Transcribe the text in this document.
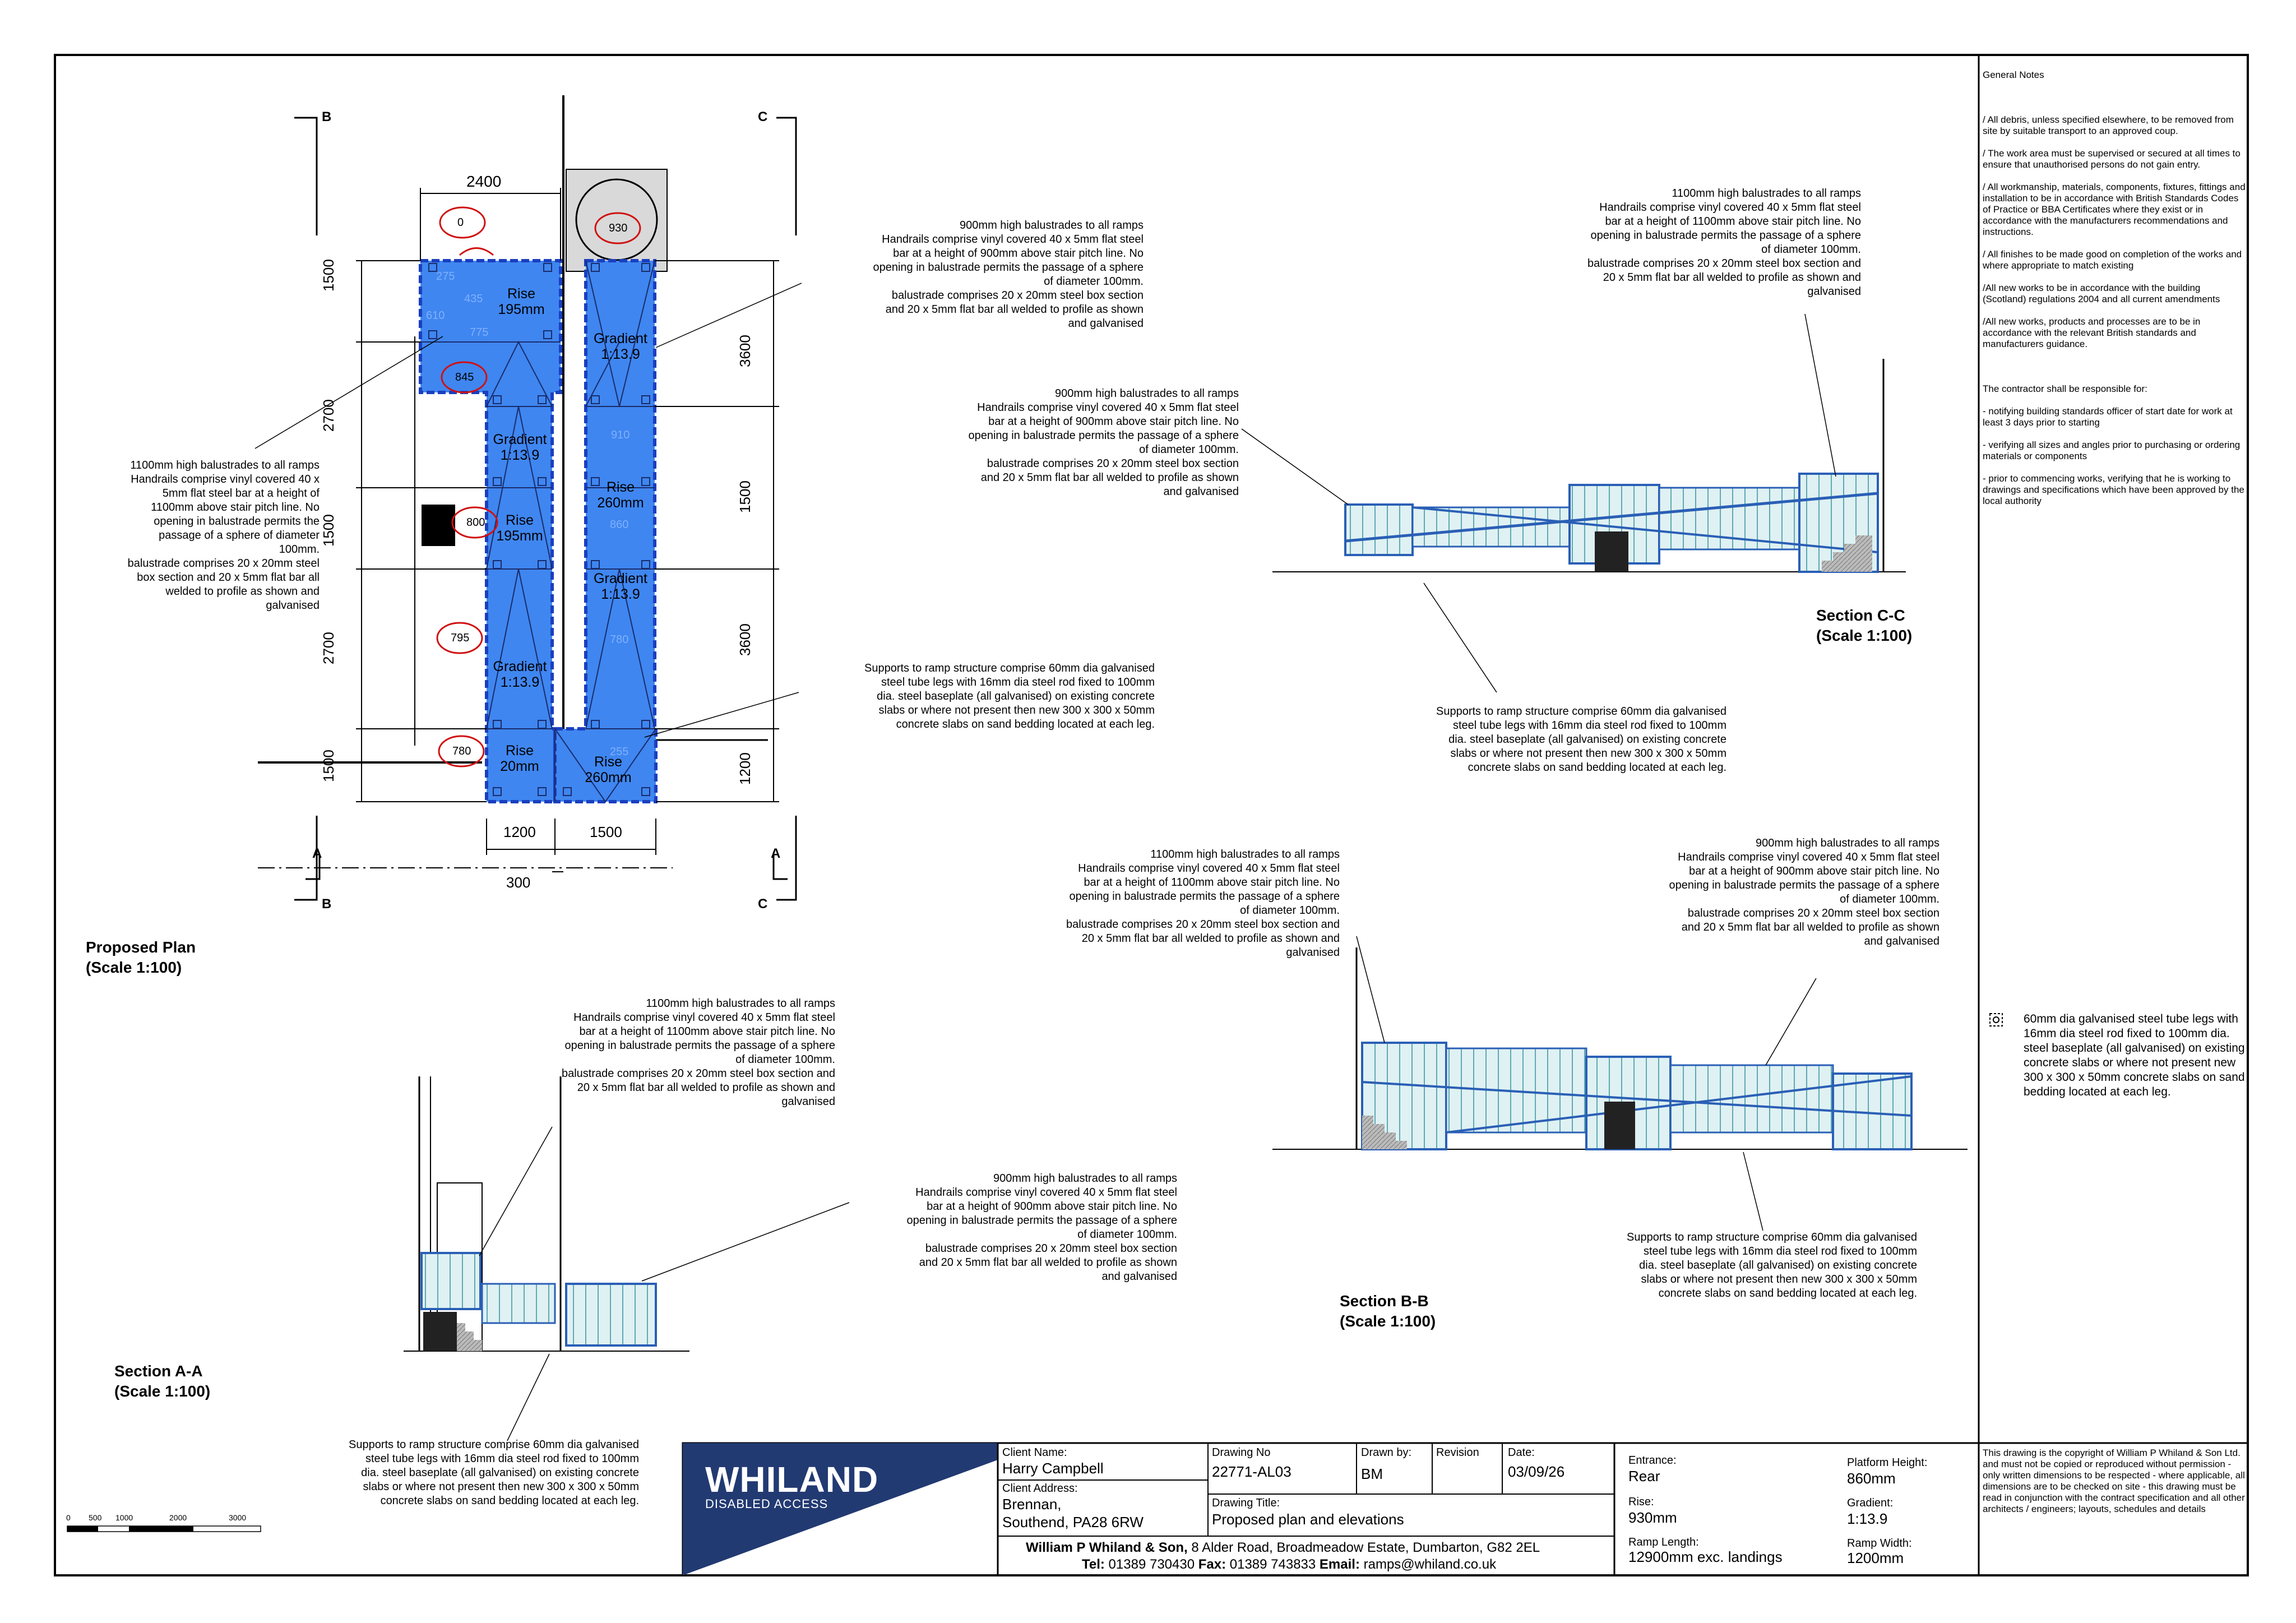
2400
1500
2700
1500
2700
1500
3600
1500
3600
1200
1200	1500
300
B
B
C
C
A	A
0	930
845
800
795
780
275
435
610
775
910
860
780
255
Rise
195mm
Gradient
1:13.9
Gradient
1:13.9
Rise
195mm
Gradient
1:13.9
Rise
20mm
Rise
260mm
Gradient
1:13.9
Rise
260mm
Proposed Plan
(Scale 1:100)
Section C-C
(Scale 1:100)
Section B-B
(Scale 1:100)
Section A-A
(Scale 1:100)
900mm high balustrades to all ramps
Handrails comprise vinyl covered 40 x 5mm flat steel
bar at a height of 900mm above stair pitch line. No
opening in balustrade permits the passage of a sphere
of diameter 100mm.
balustrade comprises 20 x 20mm steel box section
and 20 x 5mm flat bar all welded to profile as shown
and galvanised
1100mm high balustrades to all ramps
Handrails comprise vinyl covered 40 x
5mm flat steel bar at a height of
1100mm above stair pitch line. No
opening in balustrade permits the
passage of a sphere of diameter
100mm.
balustrade comprises 20 x 20mm steel
box section and 20 x 5mm flat bar all
welded to profile as shown and
galvanised
Supports to ramp structure comprise 60mm dia galvanised
steel tube legs with 16mm dia steel rod fixed to 100mm
dia. steel baseplate (all galvanised) on existing concrete
slabs or where not present then new 300 x 300 x 50mm
concrete slabs on sand bedding located at each leg.
1100mm high balustrades to all ramps
Handrails comprise vinyl covered 40 x 5mm flat steel
bar at a height of 1100mm above stair pitch line. No
opening in balustrade permits the passage of a sphere
of diameter 100mm.
balustrade comprises 20 x 20mm steel box section and
20 x 5mm flat bar all welded to profile as shown and
galvanised
900mm high balustrades to all ramps
Handrails comprise vinyl covered 40 x 5mm flat steel
bar at a height of 900mm above stair pitch line. No
opening in balustrade permits the passage of a sphere
of diameter 100mm.
balustrade comprises 20 x 20mm steel box section
and 20 x 5mm flat bar all welded to profile as shown
and galvanised
Supports to ramp structure comprise 60mm dia galvanised
steel tube legs with 16mm dia steel rod fixed to 100mm
dia. steel baseplate (all galvanised) on existing concrete
slabs or where not present then new 300 x 300 x 50mm
concrete slabs on sand bedding located at each leg.
1100mm high balustrades to all ramps
Handrails comprise vinyl covered 40 x 5mm flat steel
bar at a height of 1100mm above stair pitch line. No
opening in balustrade permits the passage of a sphere
of diameter 100mm.
balustrade comprises 20 x 20mm steel box section and
20 x 5mm flat bar all welded to profile as shown and
galvanised
900mm high balustrades to all ramps
Handrails comprise vinyl covered 40 x 5mm flat steel
bar at a height of 900mm above stair pitch line. No
opening in balustrade permits the passage of a sphere
of diameter 100mm.
balustrade comprises 20 x 20mm steel box section
and 20 x 5mm flat bar all welded to profile as shown
and galvanised
Supports to ramp structure comprise 60mm dia galvanised
steel tube legs with 16mm dia steel rod fixed to 100mm
dia. steel baseplate (all galvanised) on existing concrete
slabs or where not present then new 300 x 300 x 50mm
concrete slabs on sand bedding located at each leg.
1100mm high balustrades to all ramps
Handrails comprise vinyl covered 40 x 5mm flat steel
bar at a height of 1100mm above stair pitch line. No
opening in balustrade permits the passage of a sphere
of diameter 100mm.
balustrade comprises 20 x 20mm steel box section and
20 x 5mm flat bar all welded to profile as shown and
galvanised
900mm high balustrades to all ramps
Handrails comprise vinyl covered 40 x 5mm flat steel
bar at a height of 900mm above stair pitch line. No
opening in balustrade permits the passage of a sphere
of diameter 100mm.
balustrade comprises 20 x 20mm steel box section
and 20 x 5mm flat bar all welded to profile as shown
and galvanised
Supports to ramp structure comprise 60mm dia galvanised
steel tube legs with 16mm dia steel rod fixed to 100mm
dia. steel baseplate (all galvanised) on existing concrete
slabs or where not present then new 300 x 300 x 50mm
concrete slabs on sand bedding located at each leg.

General Notes

/ All debris, unless specified elsewhere, to be removed from site by suitable transport to an approved coup.

/ The work area must be supervised or secured at all times to ensure that unauthorised persons do not gain entry.

/ All workmanship, materials, components, fixtures, fittings and installation to be in accordance with British Standards Codes of Practice or BBA Certificates where they exist or in accordance with the manufacturers recommendations and instructions.

/ All finishes to be made good on completion of the works and where appropriate to match existing

/All new works to be in accordance with the building (Scotland) regulations 2004 and all current amendments

/All new works, products and processes are to be in accordance with the relevant British standards and manufacturers guidance.

The contractor shall be responsible for:

- notifying building standards officer of start date for work at least 3 days prior to starting

- verifying all sizes and angles prior to purchasing or ordering materials or components

- prior to commencing works, verifying that he is working to drawings and specifications which have been approved by the local authority

60mm dia galvanised steel tube legs with 16mm dia steel rod fixed to 100mm dia. steel baseplate (all galvanised) on existing concrete slabs or where not present new 300 x 300 x 50mm concrete slabs on sand bedding located at each leg.
This drawing is the copyright of William P Whiland & Son Ltd. and must not be copied or reproduced without permission - only written dimensions to be respected - where applicable, all dimensions are to be checked on site - this drawing must be read in conjunction with the contract specification and all other architects / engineers; layouts, schedules and details
0 500 1000	2000	3000
WHILAND
DISABLED ACCESS
Client Name:
Harry Campbell
Client Address:
Brennan,
Southend, PA28 6RW
Drawing No
22771-AL03
Drawn by:
BM
Revision	Date:
03/09/26
Drawing Title:
Proposed plan and elevations
William P Whiland & Son, 8 Alder Road, Broadmeadow Estate, Dumbarton, G82 2EL
Tel: 01389 730430 Fax: 01389 743833 Email: ramps@whiland.co.uk
Entrance:
Rear
Rise:
930mm
Ramp Length:
12900mm exc. landings
Platform Height:
860mm
Gradient:
1:13.9
Ramp Width:
1200mm
